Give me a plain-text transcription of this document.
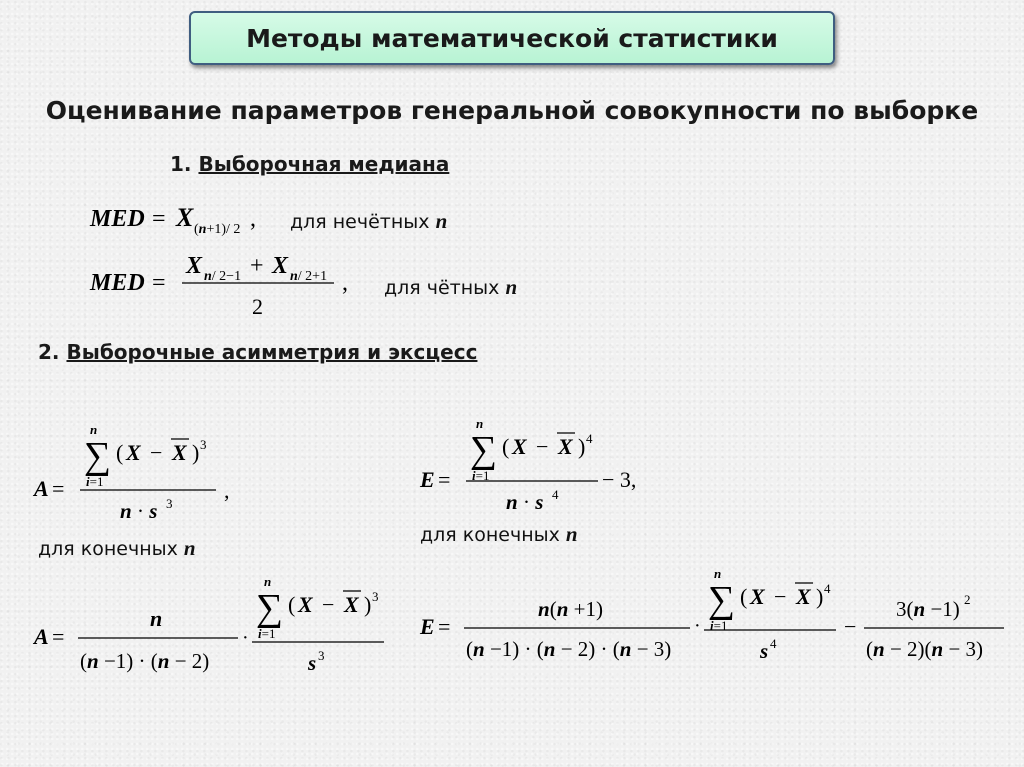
Методы математической статистики
Оценивание параметров генеральной совокупности по выборке
1. Выборочная медиана
MED = X (n+1)/ 2 , для нечётных n
MED =
X n/ 2−1 + X n/ 2+1
2
, для чётных n
2. Выборочные асимметрия и эксцесс
n
∑
i=1
( X − X ) 3
A =
n · s 3
,
для конечных n
n
∑
i=1
( X − X ) 4
E =
n · s 4
− 3,
для конечных n
A =
n
(n −1) · (n − 2)
·
n
∑
i=1
( X − X ) 3
s 3
E =
n(n +1)
(n −1) · (n − 2) · (n − 3)
·
n
∑
i=1
( X − X ) 4
s 4
−
3(n −1) 2
(n − 2)(n − 3)
